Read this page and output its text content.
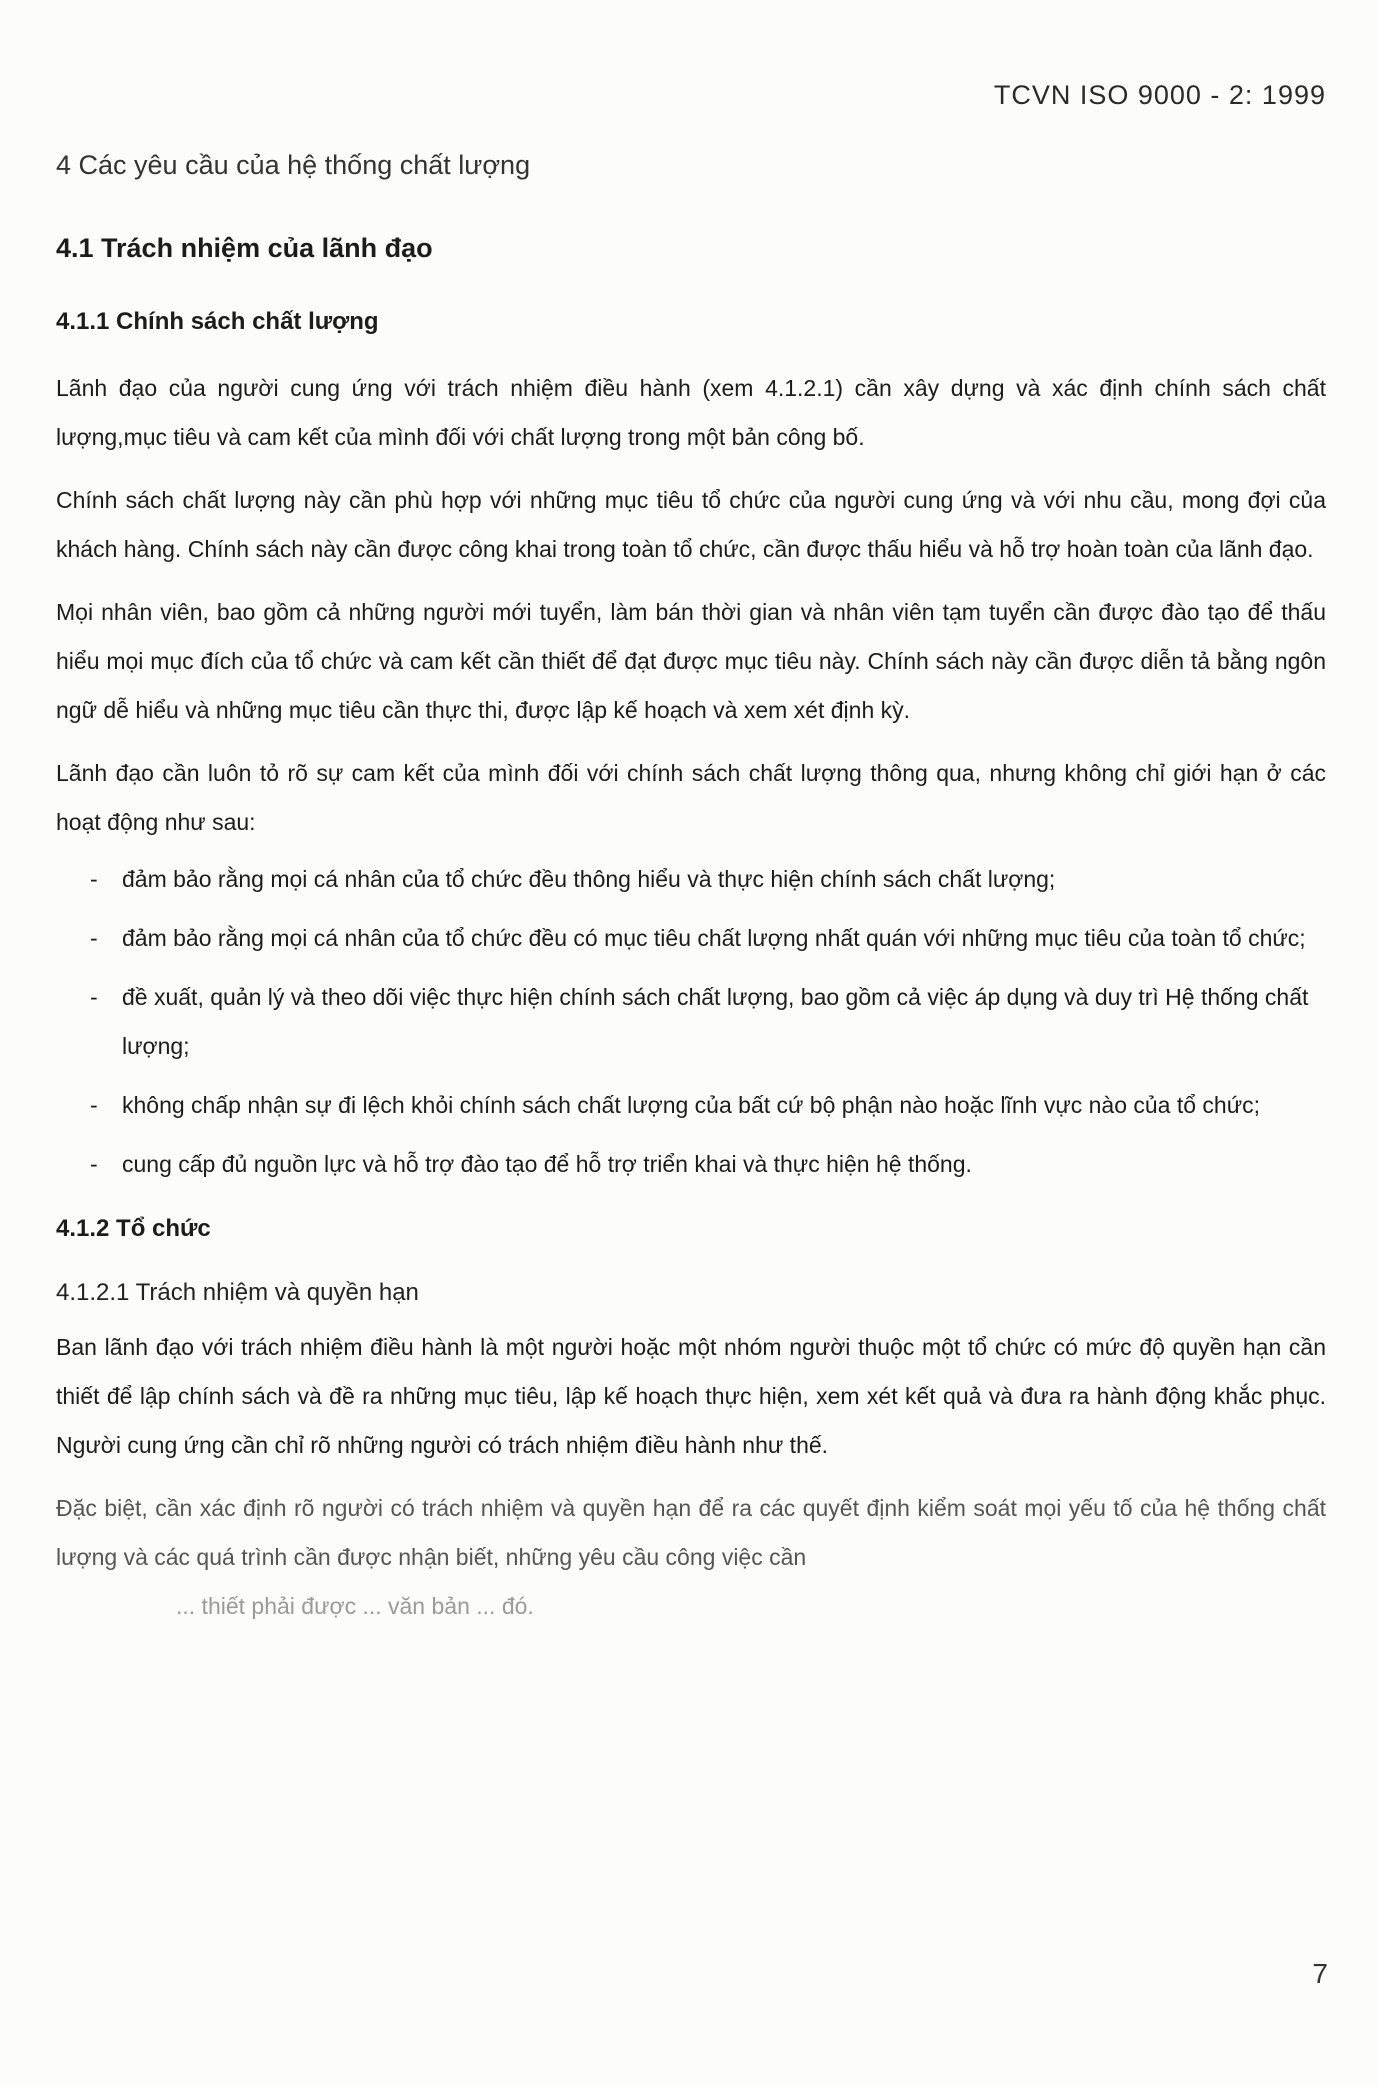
TCVN ISO 9000 - 2: 1999
4 Các yêu cầu của hệ thống chất lượng
4.1 Trách nhiệm của lãnh đạo
4.1.1 Chính sách chất lượng

Lãnh đạo của người cung ứng với trách nhiệm điều hành (xem 4.1.2.1) cần xây dựng và xác định chính sách chất lượng,mục tiêu và cam kết của mình đối với chất lượng trong một bản công bố.

Chính sách chất lượng này cần phù hợp với những mục tiêu tổ chức của người cung ứng và với nhu cầu, mong đợi của khách hàng. Chính sách này cần được công khai trong toàn tổ chức, cần được thấu hiểu và hỗ trợ hoàn toàn của lãnh đạo.

Mọi nhân viên, bao gồm cả những người mới tuyển, làm bán thời gian và nhân viên tạm tuyển cần được đào tạo để thấu hiểu mọi mục đích của tổ chức và cam kết cần thiết để đạt được mục tiêu này. Chính sách này cần được diễn tả bằng ngôn ngữ dễ hiểu và những mục tiêu cần thực thi, được lập kế hoạch và xem xét định kỳ.

Lãnh đạo cần luôn tỏ rõ sự cam kết của mình đối với chính sách chất lượng thông qua, nhưng không chỉ giới hạn ở các hoạt động như sau:

- đảm bảo rằng mọi cá nhân của tổ chức đều thông hiểu và thực hiện chính sách chất lượng;
- đảm bảo rằng mọi cá nhân của tổ chức đều có mục tiêu chất lượng nhất quán với những mục tiêu của toàn tổ chức;
- đề xuất, quản lý và theo dõi việc thực hiện chính sách chất lượng, bao gồm cả việc áp dụng và duy trì Hệ thống chất lượng;
- không chấp nhận sự đi lệch khỏi chính sách chất lượng của bất cứ bộ phận nào hoặc lĩnh vực nào của tổ chức;
- cung cấp đủ nguồn lực và hỗ trợ đào tạo để hỗ trợ triển khai và thực hiện hệ thống.
4.1.2 Tổ chức
4.1.2.1 Trách nhiệm và quyền hạn

Ban lãnh đạo với trách nhiệm điều hành là một người hoặc một nhóm người thuộc một tổ chức có mức độ quyền hạn cần thiết để lập chính sách và đề ra những mục tiêu, lập kế hoạch thực hiện, xem xét kết quả và đưa ra hành động khắc phục. Người cung ứng cần chỉ rõ những người có trách nhiệm điều hành như thế.

Đặc biệt, cần xác định rõ người có trách nhiệm và quyền hạn để ra các quyết định kiểm soát mọi yếu tố của hệ thống chất lượng và các quá trình cần được nhận biết, những yêu cầu công việc cần

... thiết phải được ... văn bản ... đó.

7
